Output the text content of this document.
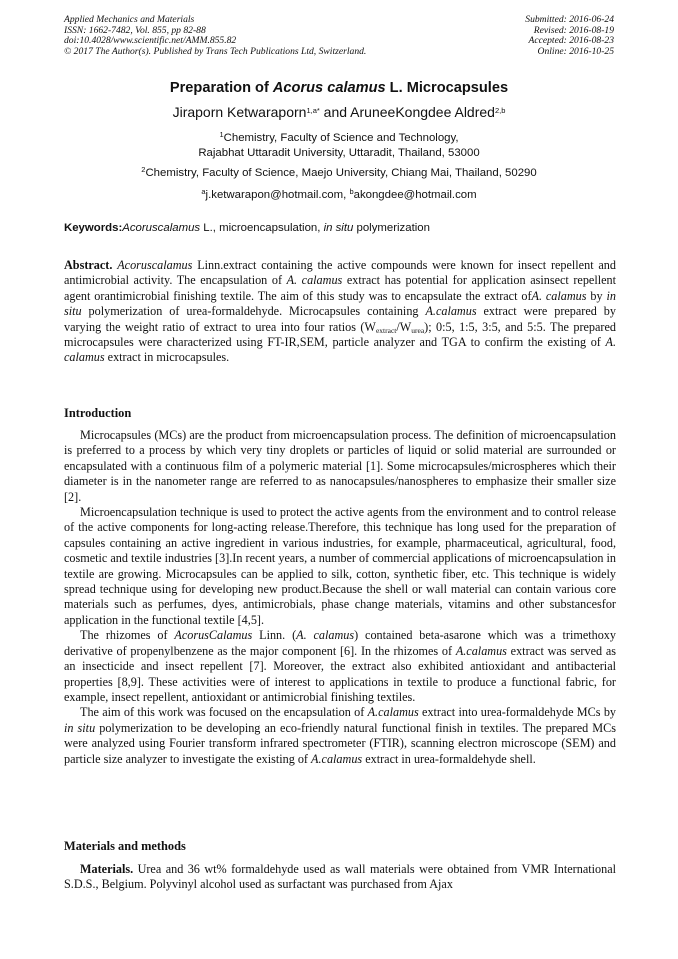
Applied Mechanics and Materials
ISSN: 1662-7482, Vol. 855, pp 82-88
doi:10.4028/www.scientific.net/AMM.855.82
© 2017 The Author(s). Published by Trans Tech Publications Ltd, Switzerland.
Submitted: 2016-06-24
Revised: 2016-08-19
Accepted: 2016-08-23
Online: 2016-10-25
Preparation of Acorus calamus L. Microcapsules
Jiraporn Ketwaraporn$^{1,a*}$ and AruneeKongdee Aldred$^{2,b}$
$^1$Chemistry, Faculty of Science and Technology,
Rajabhat Uttaradit University, Uttaradit, Thailand, 53000
$^2$Chemistry, Faculty of Science, Maejo University, Chiang Mai, Thailand, 50290
$^a$j.ketwarapon@hotmail.com, $^b$akongdee@hotmail.com
Keywords:Acoruscalamus L., microencapsulation, in situ polymerization

Abstract. Acoruscalamus Linn.extract containing the active compounds were known for insect repellent and antimicrobial activity. The encapsulation of A. calamus extract has potential for application asinsect repellent agent orantimicrobial finishing textile. The aim of this study was to encapsulate the extract ofA. calamus by in situ polymerization of urea-formaldehyde. Microcapsules containing A.calamus extract were prepared by varying the weight ratio of extract to urea into four ratios $(W_{extract}/W_{urea})$; 0:5, 1:5, 3:5, and 5:5. The prepared microcapsules were characterized using FT-IR,SEM, particle analyzer and TGA to confirm the existing of A. calamus extract in microcapsules.

Introduction

Microcapsules (MCs) are the product from microencapsulation process. The definition of microencapsulation is preferred to a process by which very tiny droplets or particles of liquid or solid material are surrounded or encapsulated with a continuous film of a polymeric material [1]. Some microcapsules/microspheres which their diameter is in the nanometer range are referred to as nanocapsules/nanospheres to emphasize their smaller size [2].

Microencapsulation technique is used to protect the active agents from the environment and to control release of the active components for long-acting release.Therefore, this technique has long used for the preparation of capsules containing an active ingredient in various industries, for example, pharmaceutical, agricultural, food, cosmetic and textile industries [3].In recent years, a number of commercial applications of microencapsulation in textile are growing. Microcapsules can be applied to silk, cotton, synthetic fiber, etc. This technique is widely spread technique using for developing new product.Because the shell or wall material can contain various core materials such as perfumes, dyes, antimicrobials, phase change materials, vitamins and other substancesfor application in the functional textile [4,5].

The rhizomes of AcorusCalamus Linn. (A. calamus) contained beta-asarone which was a trimethoxy derivative of propenylbenzene as the major component [6]. In the rhizomes of A.calamus extract was served as an insecticide and insect repellent [7]. Moreover, the extract also exhibited antioxidant and antibacterial properties [8,9]. These activities were of interest to applications in textile to produce a functional fabric, for example, insect repellent, antioxidant or antimicrobial finishing textiles.

The aim of this work was focused on the encapsulation of A.calamus extract into urea-formaldehyde MCs by in situ polymerization to be developing an eco-friendly natural functional finish in textiles. The prepared MCs were analyzed using Fourier transform infrared spectrometer (FTIR), scanning electron microscope (SEM) and particle size analyzer to investigate the existing of A.calamus extract in urea-formaldehyde shell.

Materials and methods

Materials. Urea and 36 wt% formaldehyde used as wall materials were obtained from VMR International S.D.S., Belgium. Polyvinyl alcohol used as surfactant was purchased from Ajax
